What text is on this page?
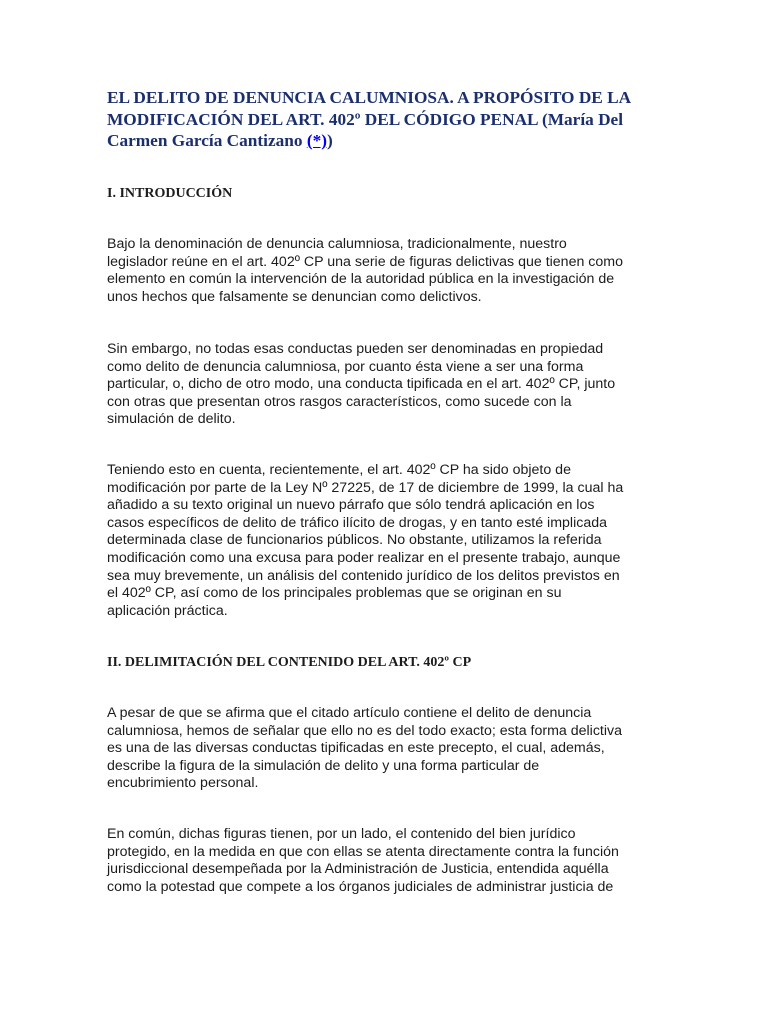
EL DELITO DE DENUNCIA CALUMNIOSA. A PROPÓSITO DE LA MODIFICACIÓN DEL ART. 402º DEL CÓDIGO PENAL (María Del Carmen García Cantizano (*))
I. INTRODUCCIÓN

Bajo la denominación de denuncia calumniosa, tradicionalmente, nuestro
legislador reúne en el art. 402º CP una serie de figuras delictivas que tienen como
elemento en común la intervención de la autoridad pública en la investigación de
unos hechos que falsamente se denuncian como delictivos.

Sin embargo, no todas esas conductas pueden ser denominadas en propiedad
como delito de denuncia calumniosa, por cuanto ésta viene a ser una forma
particular, o, dicho de otro modo, una conducta tipificada en el art. 402º CP, junto
con otras que presentan otros rasgos característicos, como sucede con la
simulación de delito.

Teniendo esto en cuenta, recientemente, el art. 402º CP ha sido objeto de
modificación por parte de la Ley Nº 27225, de 17 de diciembre de 1999, la cual ha
añadido a su texto original un nuevo párrafo que sólo tendrá aplicación en los
casos específicos de delito de tráfico ilícito de drogas, y en tanto esté implicada
determinada clase de funcionarios públicos. No obstante, utilizamos la referida
modificación como una excusa para poder realizar en el presente trabajo, aunque
sea muy brevemente, un análisis del contenido jurídico de los delitos previstos en
el 402º CP, así como de los principales problemas que se originan en su
aplicación práctica.

II. DELIMITACIÓN DEL CONTENIDO DEL ART. 402º CP

A pesar de que se afirma que el citado artículo contiene el delito de denuncia
calumniosa, hemos de señalar que ello no es del todo exacto; esta forma delictiva
es una de las diversas conductas tipificadas en este precepto, el cual, además,
describe la figura de la simulación de delito y una forma particular de
encubrimiento personal.

En común, dichas figuras tienen, por un lado, el contenido del bien jurídico
protegido, en la medida en que con ellas se atenta directamente contra la función
jurisdiccional desempeñada por la Administración de Justicia, entendida aquélla
como la potestad que compete a los órganos judiciales de administrar justicia de
